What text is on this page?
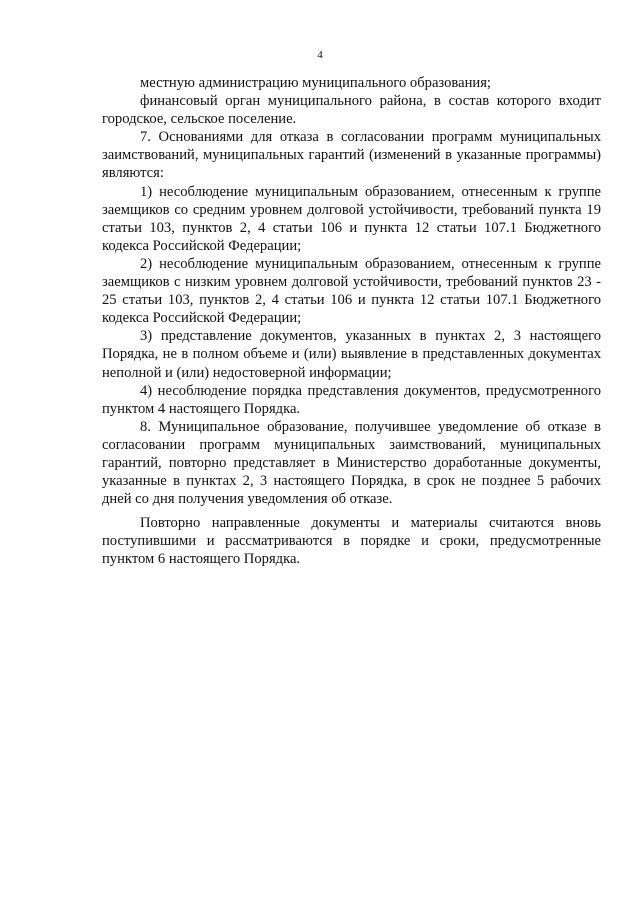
4

местную администрацию муниципального образования;

финансовый орган муниципального района, в состав которого входит городское, сельское поселение.

7. Основаниями для отказа в согласовании программ муниципальных заимствований, муниципальных гарантий (изменений в указанные программы) являются:

1) несоблюдение муниципальным образованием, отнесенным к группе заемщиков со средним уровнем долговой устойчивости, требований пункта 19 статьи 103, пунктов 2, 4 статьи 106 и пункта 12 статьи 107.1 Бюджетного кодекса Российской Федерации;

2) несоблюдение муниципальным образованием, отнесенным к группе заемщиков с низким уровнем долговой устойчивости, требований пунктов 23 - 25 статьи 103, пунктов 2, 4 статьи 106 и пункта 12 статьи 107.1 Бюджетного кодекса Российской Федерации;

3) представление документов, указанных в пунктах 2, 3 настоящего Порядка, не в полном объеме и (или) выявление в представленных документах неполной и (или) недостоверной информации;

4) несоблюдение порядка представления документов, предусмотренного пунктом 4 настоящего Порядка.

8. Муниципальное образование, получившее уведомление об отказе в согласовании программ муниципальных заимствований, муниципальных гарантий, повторно представляет в Министерство доработанные документы, указанные в пунктах 2, 3 настоящего Порядка, в срок не позднее 5 рабочих дней со дня получения уведомления об отказе.

Повторно направленные документы и материалы считаются вновь поступившими и рассматриваются в порядке и сроки, предусмотренные пунктом 6 настоящего Порядка.
